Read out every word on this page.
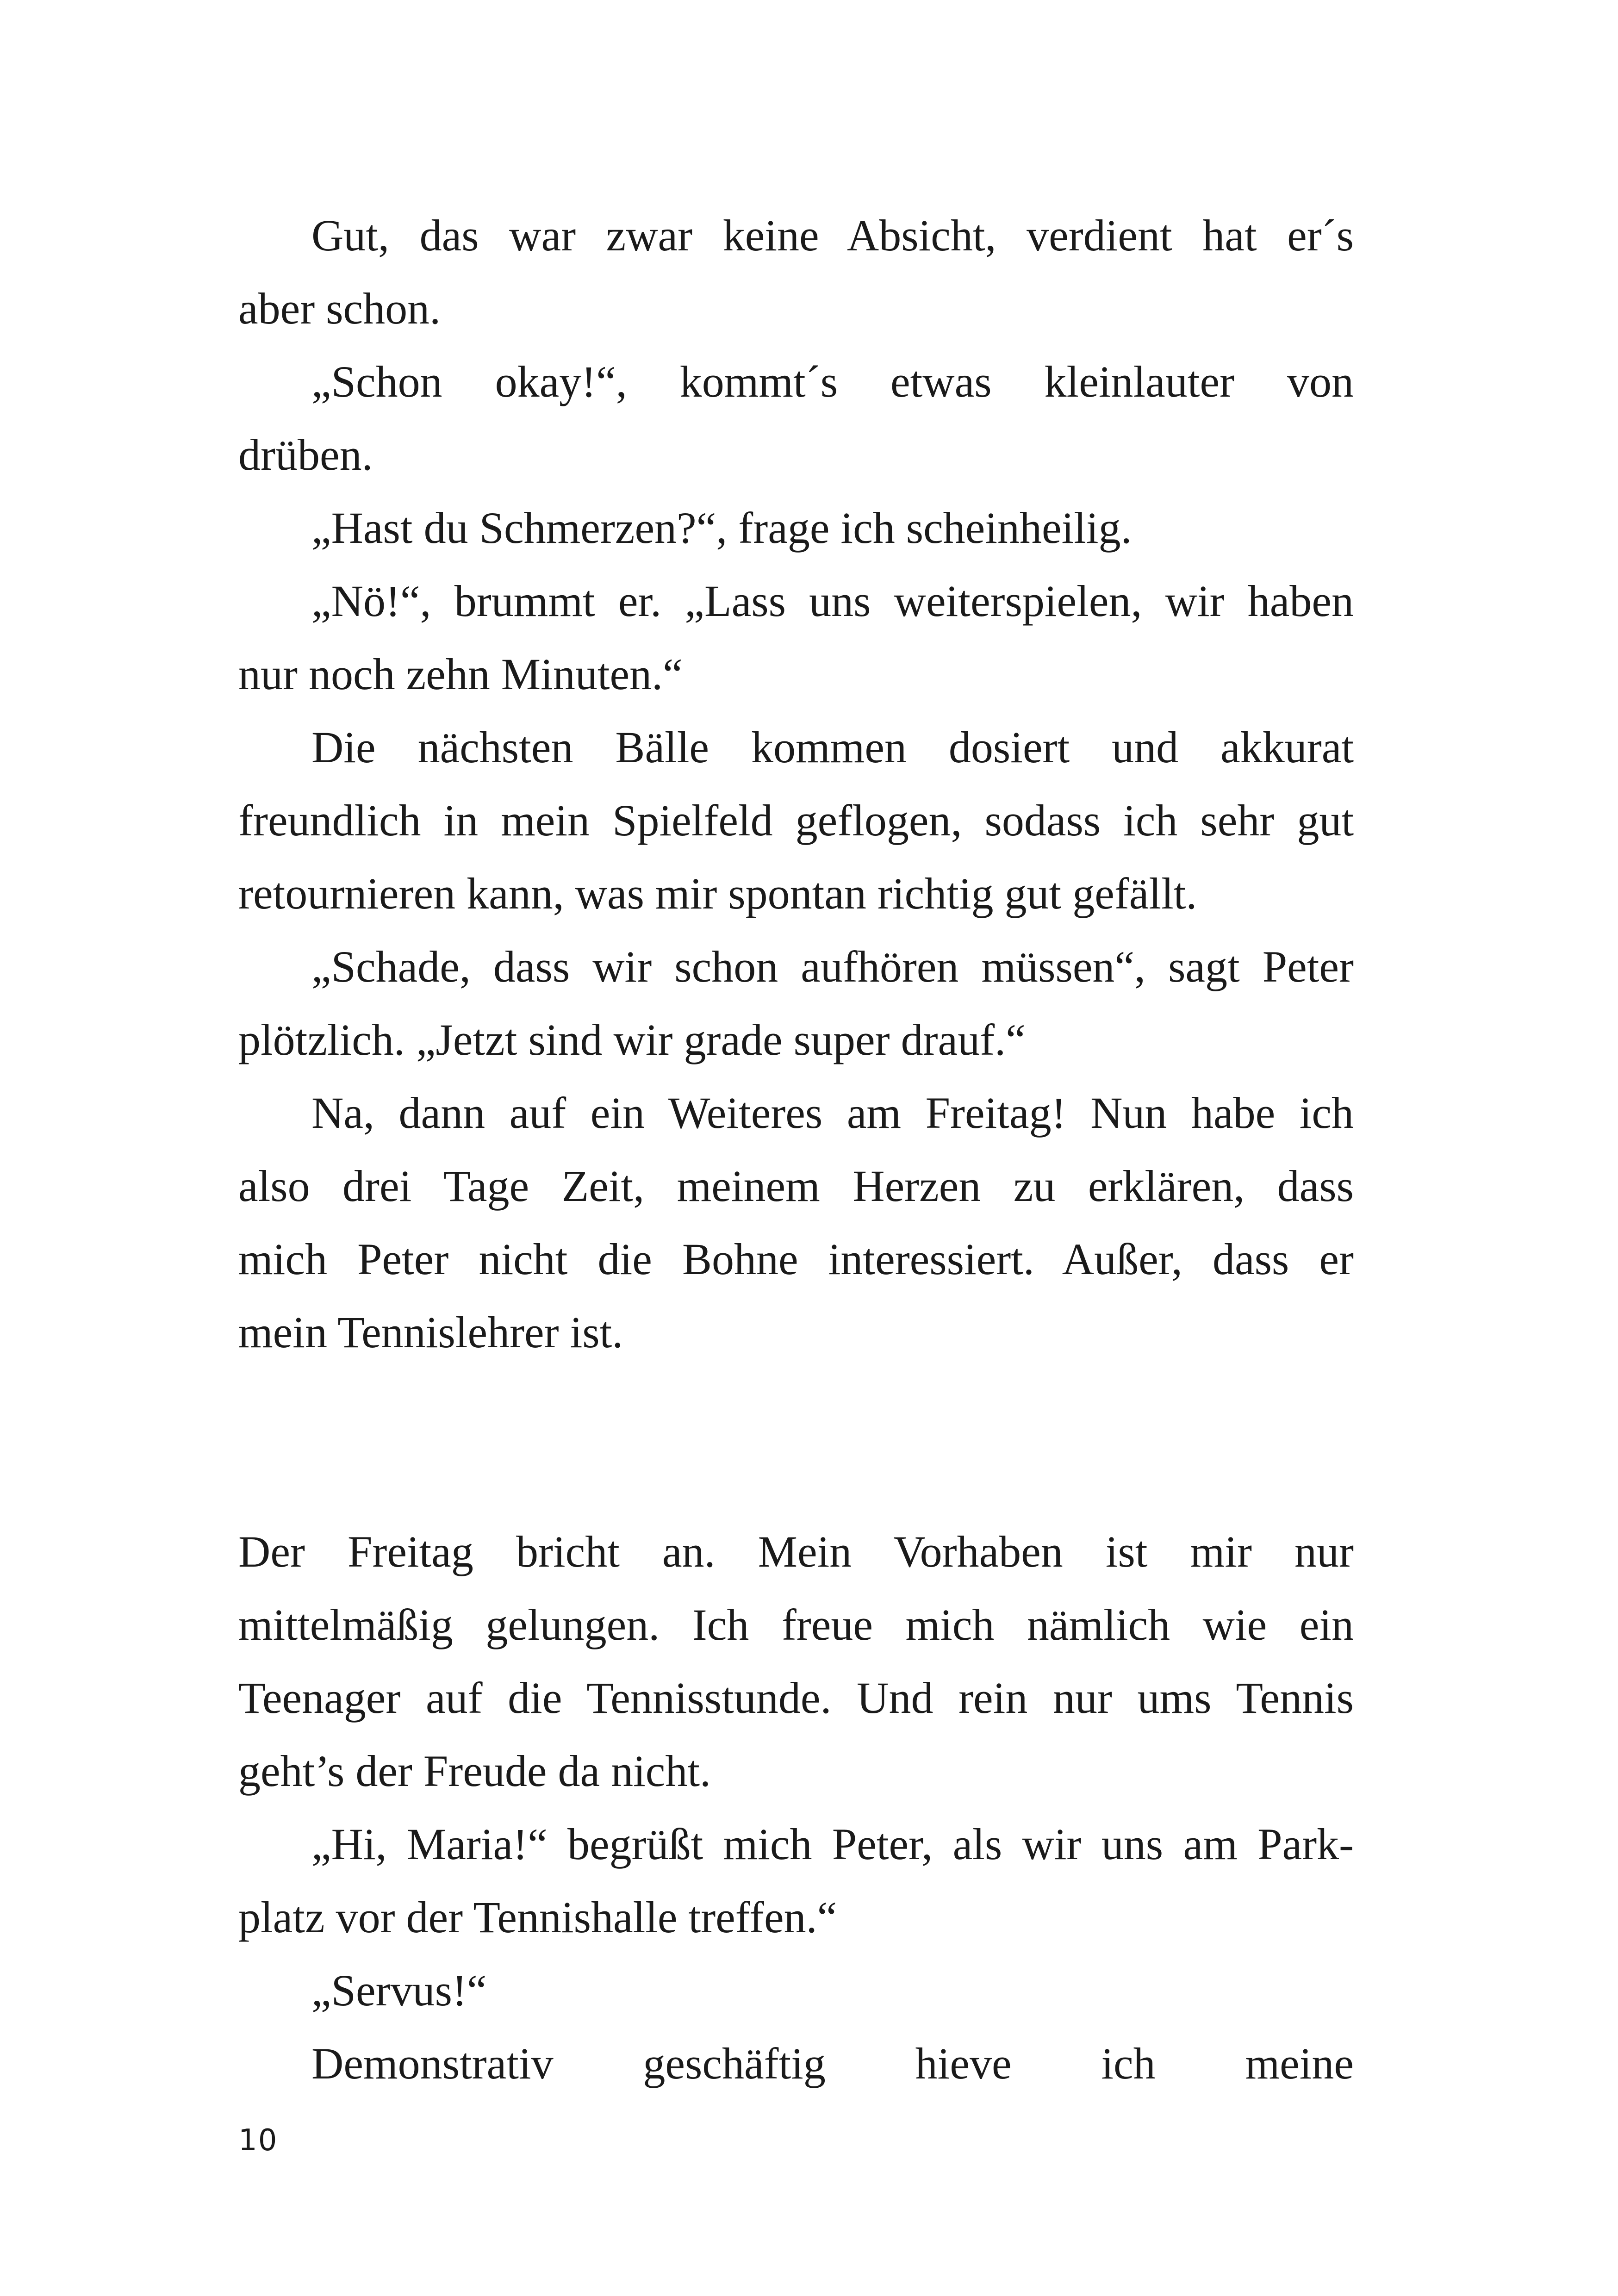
Gut, das war zwar keine Absicht, verdient hat er´s
aber schon.
„Schon okay!“, kommt´s etwas kleinlauter von
drüben.
„Hast du Schmerzen?“, frage ich scheinheilig.
„Nö!“, brummt er. „Lass uns weiterspielen, wir haben
nur noch zehn Minuten.“
Die nächsten Bälle kommen dosiert und akkurat
freundlich in mein Spielfeld geflogen, sodass ich sehr gut
retournieren kann, was mir spontan richtig gut gefällt.
„Schade, dass wir schon aufhören müssen“, sagt Peter
plötzlich. „Jetzt sind wir grade super drauf.“
Na, dann auf ein Weiteres am Freitag! Nun habe ich
also drei Tage Zeit, meinem Herzen zu erklären, dass
mich Peter nicht die Bohne interessiert. Außer, dass er
mein Tennislehrer ist.
Der Freitag bricht an. Mein Vorhaben ist mir nur
mittelmäßig gelungen. Ich freue mich nämlich wie ein
Teenager auf die Tennisstunde. Und rein nur ums Tennis
geht’s der Freude da nicht.
„Hi, Maria!“ begrüßt mich Peter, als wir uns am Park-
platz vor der Tennishalle treffen.“
„Servus!“
Demonstrativ geschäftig hieve ich meine
10
